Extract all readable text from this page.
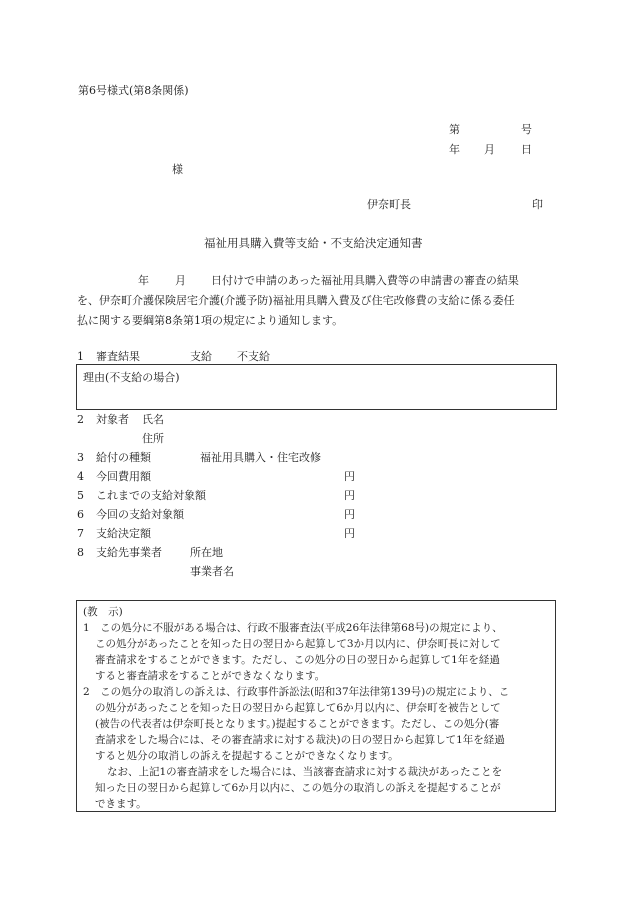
第6号様式(第8条関係)
第	号
年 月 日
様
伊奈町長	印
福祉用具購入費等支給・不支給決定通知書
年 月 日付けで申請のあった福祉用具購入費等の申請書の審査の結果
を、伊奈町介護保険居宅介護(介護予防)福祉用具購入費及び住宅改修費の支給に係る委任
払に関する要綱第8条第1項の規定により通知します。
1 審査結果	支給 不支給
理由(不支給の場合)
2 対象者 氏名
住所
3 給付の種類	福祉用具購入・住宅改修
4 今回費用額	円
5 これまでの支給対象額	円
6 今回の支給対象額	円
7 支給決定額	円
8 支給先事業者	所在地
事業者名
(教　示)
1　この処分に不服がある場合は、行政不服審査法(平成26年法律第68号)の規定により、
この処分があったことを知った日の翌日から起算して3か月以内に、伊奈町長に対して
審査請求をすることができます。ただし、この処分の日の翌日から起算して1年を経過
すると審査請求をすることができなくなります。
2　この処分の取消しの訴えは、行政事件訴訟法(昭和37年法律第139号)の規定により、こ
の処分があったことを知った日の翌日から起算して6か月以内に、伊奈町を被告として
(被告の代表者は伊奈町長となります。)提起することができます。ただし、この処分(審
査請求をした場合には、その審査請求に対する裁決)の日の翌日から起算して1年を経過
すると処分の取消しの訴えを提起することができなくなります。
なお、上記1の審査請求をした場合には、当該審査請求に対する裁決があったことを
知った日の翌日から起算して6か月以内に、この処分の取消しの訴えを提起することが
できます。
